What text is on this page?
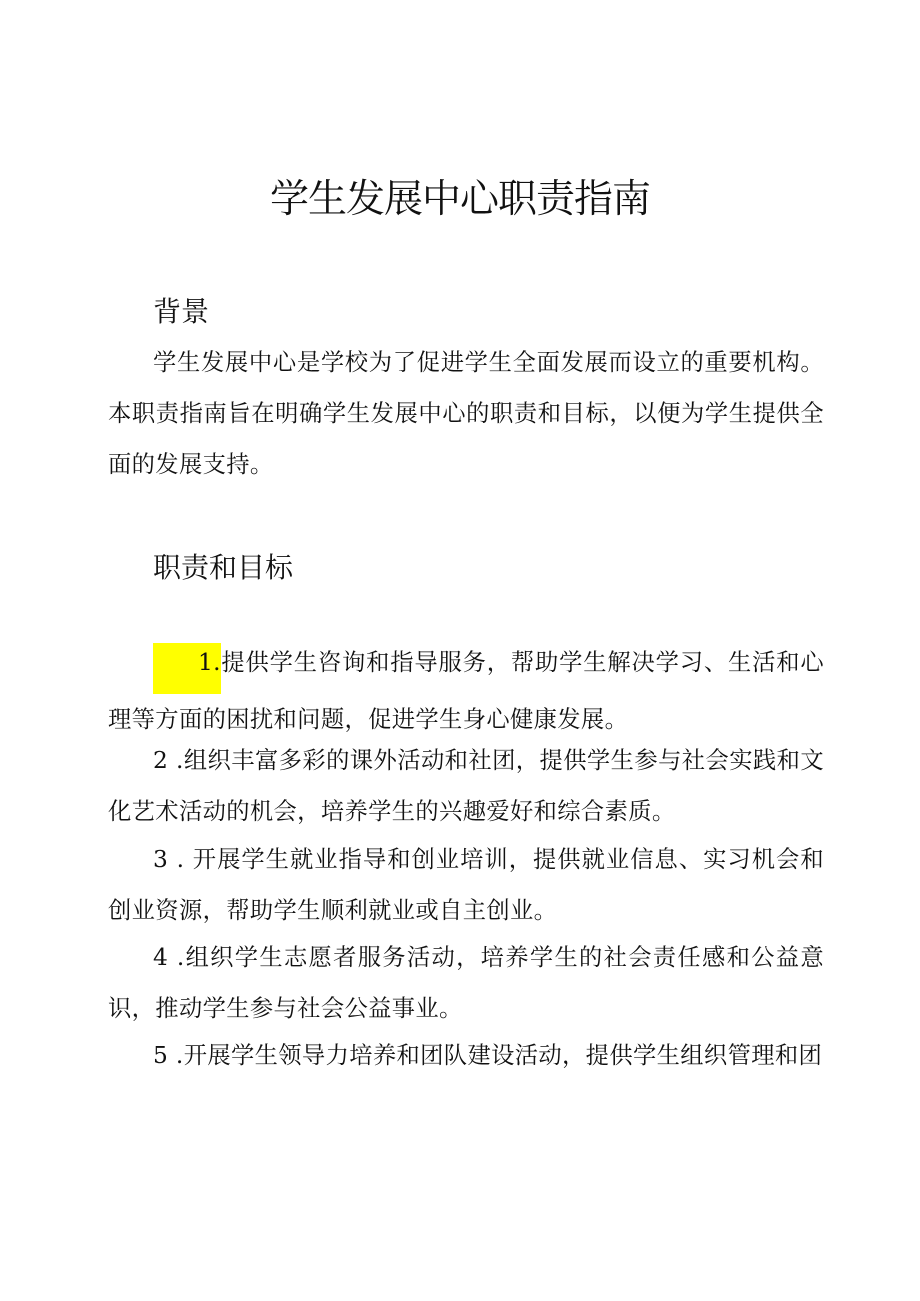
学生发展中心职责指南
背景
学生发展中心是学校为了促进学生全面发展而设立的重要机构。本职责指南旨在明确学生发展中心的职责和目标，以便为学生提供全面的发展支持。
职责和目标
1.提供学生咨询和指导服务，帮助学生解决学习、生活和心理等方面的困扰和问题，促进学生身心健康发展。
2 .组织丰富多彩的课外活动和社团，提供学生参与社会实践和文化艺术活动的机会，培养学生的兴趣爱好和综合素质。
3 . 开展学生就业指导和创业培训，提供就业信息、实习机会和创业资源，帮助学生顺利就业或自主创业。
4 .组织学生志愿者服务活动，培养学生的社会责任感和公益意识，推动学生参与社会公益事业。
5 .开展学生领导力培养和团队建设活动，提供学生组织管理和团
